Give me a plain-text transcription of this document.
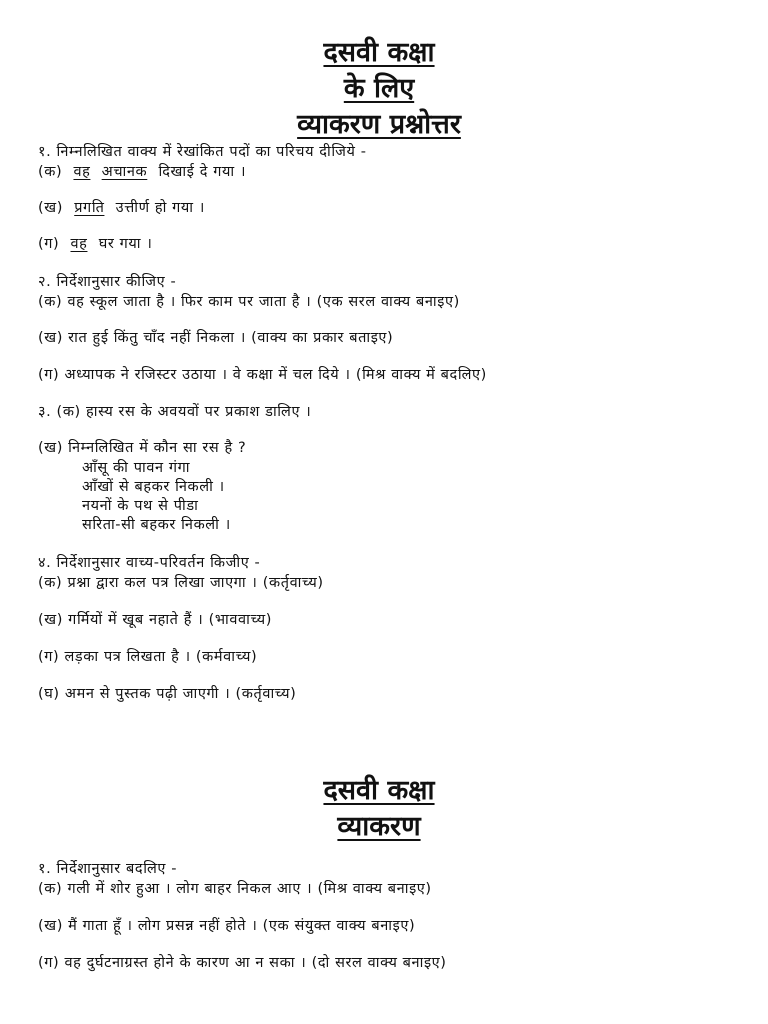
दसवी कक्षा
के लिए
व्याकरण प्रश्नोत्तर
१. निम्नलिखित वाक्य में रेखांकित पदों का परिचय दीजिये -
(क) वह अचानक दिखाई दे गया ।
(ख) प्रगति उत्तीर्ण हो गया ।
(ग) वह घर गया ।
२. निर्देशानुसार कीजिए -
(क) वह स्कूल जाता है । फिर काम पर जाता है । (एक सरल वाक्य बनाइए)
(ख) रात हुई किंतु चाँद नहीं निकला । (वाक्य का प्रकार बताइए)
(ग) अध्यापक ने रजिस्टर उठाया । वे कक्षा में चल दिये । (मिश्र वाक्य में बदलिए)
३. (क) हास्य रस के अवयवों पर प्रकाश डालिए ।
(ख) निम्नलिखित में कौन सा रस है ?
आँसू की पावन गंगा
आँखों से बहकर निकली ।
नयनों के पथ से पीडा
सरिता-सी बहकर निकली ।
४. निर्देशानुसार वाच्य-परिवर्तन किजीए -
(क) प्रश्ना द्वारा कल पत्र लिखा जाएगा । (कर्तृवाच्य)
(ख) गर्मियों में खूब नहाते हैं । (भाववाच्य)
(ग) लड़का पत्र लिखता है । (कर्मवाच्य)
(घ) अमन से पुस्तक पढ़ी जाएगी । (कर्तृवाच्य)
दसवी कक्षा
व्याकरण
१. निर्देशानुसार बदलिए -
(क) गली में शोर हुआ । लोग बाहर निकल आए । (मिश्र वाक्य बनाइए)
(ख) मैं गाता हूँ । लोग प्रसन्न नहीं होते । (एक संयुक्त वाक्य बनाइए)
(ग) वह दुर्घटनाग्रस्त होने के कारण आ न सका । (दो सरल वाक्य बनाइए)
